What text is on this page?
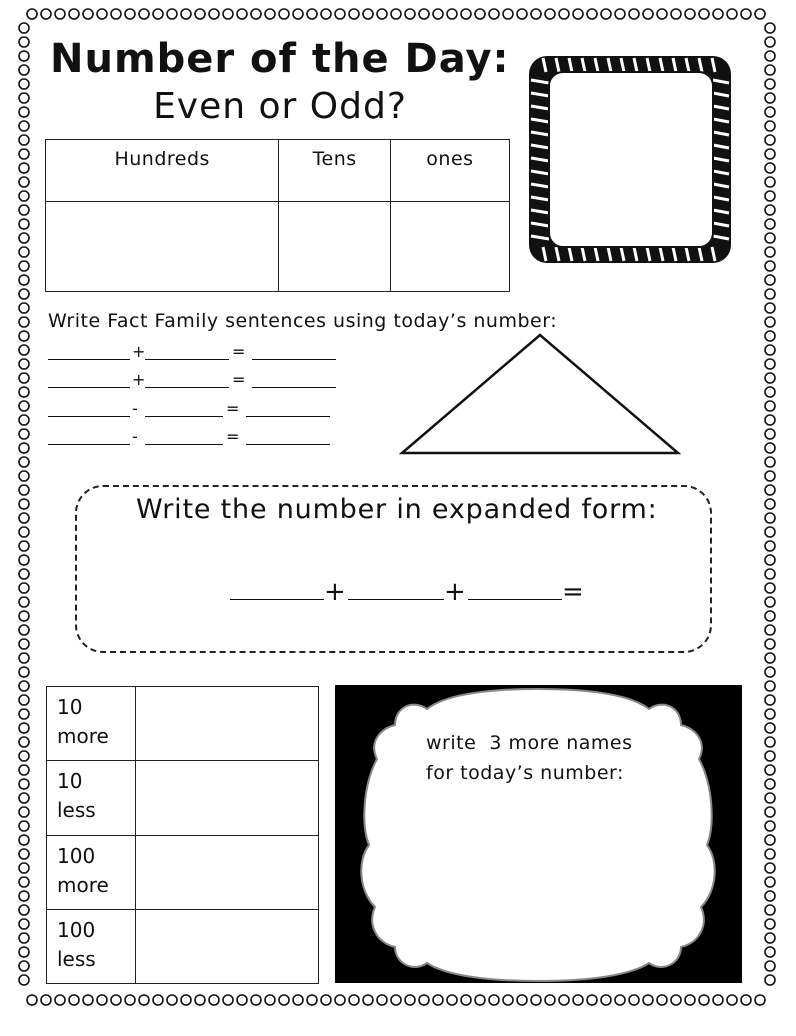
Number of the Day:
Even or Odd?
Hundreds	Tens	ones

Write Fact Family sentences using today’s number:
+	=
+	=
-	=
-	=
Write the number in expanded form:
+	+	=
10
more	

10
less	

100
more	

100
less	

write  3 more names
for today’s number:
